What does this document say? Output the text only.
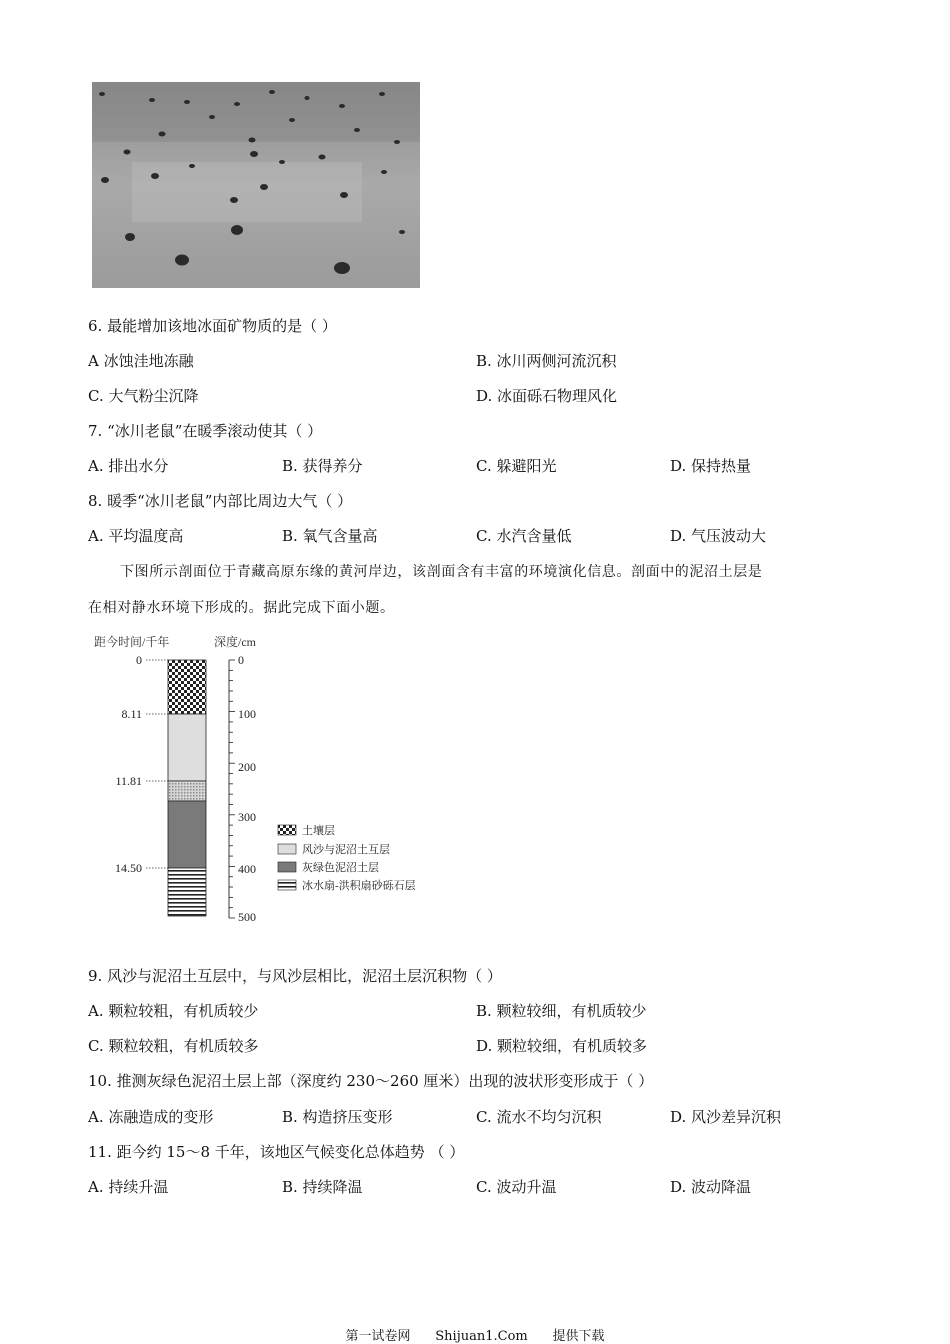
6. 最能增加该地冰面矿物质的是（ ）
A 冰蚀洼地冻融	B. 冰川两侧河流沉积
C. 大气粉尘沉降	D. 冰面砾石物理风化
7. “冰川老鼠”在暖季滚动使其（ ）
A. 排出水分	B. 获得养分	C. 躲避阳光	D. 保持热量
8. 暖季“冰川老鼠”内部比周边大气（ ）
A. 平均温度高	B. 氧气含量高	C. 水汽含量低	D. 气压波动大
下图所示剖面位于青藏高原东缘的黄河岸边，该剖面含有丰富的环境演化信息。剖面中的泥沼土层是
在相对静水环境下形成的。据此完成下面小题。
距今时间/千年	深度/cm
0
8.11
11.81
14.50
0
100
200
300
400
500
土壤层
风沙与泥沼土互层
灰绿色泥沼土层
冰水扇-洪积扇砂砾石层
9. 风沙与泥沼土互层中，与风沙层相比，泥沼土层沉积物（ ）
A. 颗粒较粗，有机质较少	B. 颗粒较细，有机质较少
C. 颗粒较粗，有机质较多	D. 颗粒较细，有机质较多
10. 推测灰绿色泥沼土层上部（深度约 230～260 厘米）出现的波状形变形成于（ ）
A. 冻融造成的变形	B. 构造挤压变形	C. 流水不均匀沉积	D. 风沙差异沉积
11. 距今约 15～8 千年，该地区气候变化总体趋势 （ ）
A. 持续升温	B. 持续降温	C. 波动升温	D. 波动降温
第一试卷网      Shijuan1.Com      提供下载
